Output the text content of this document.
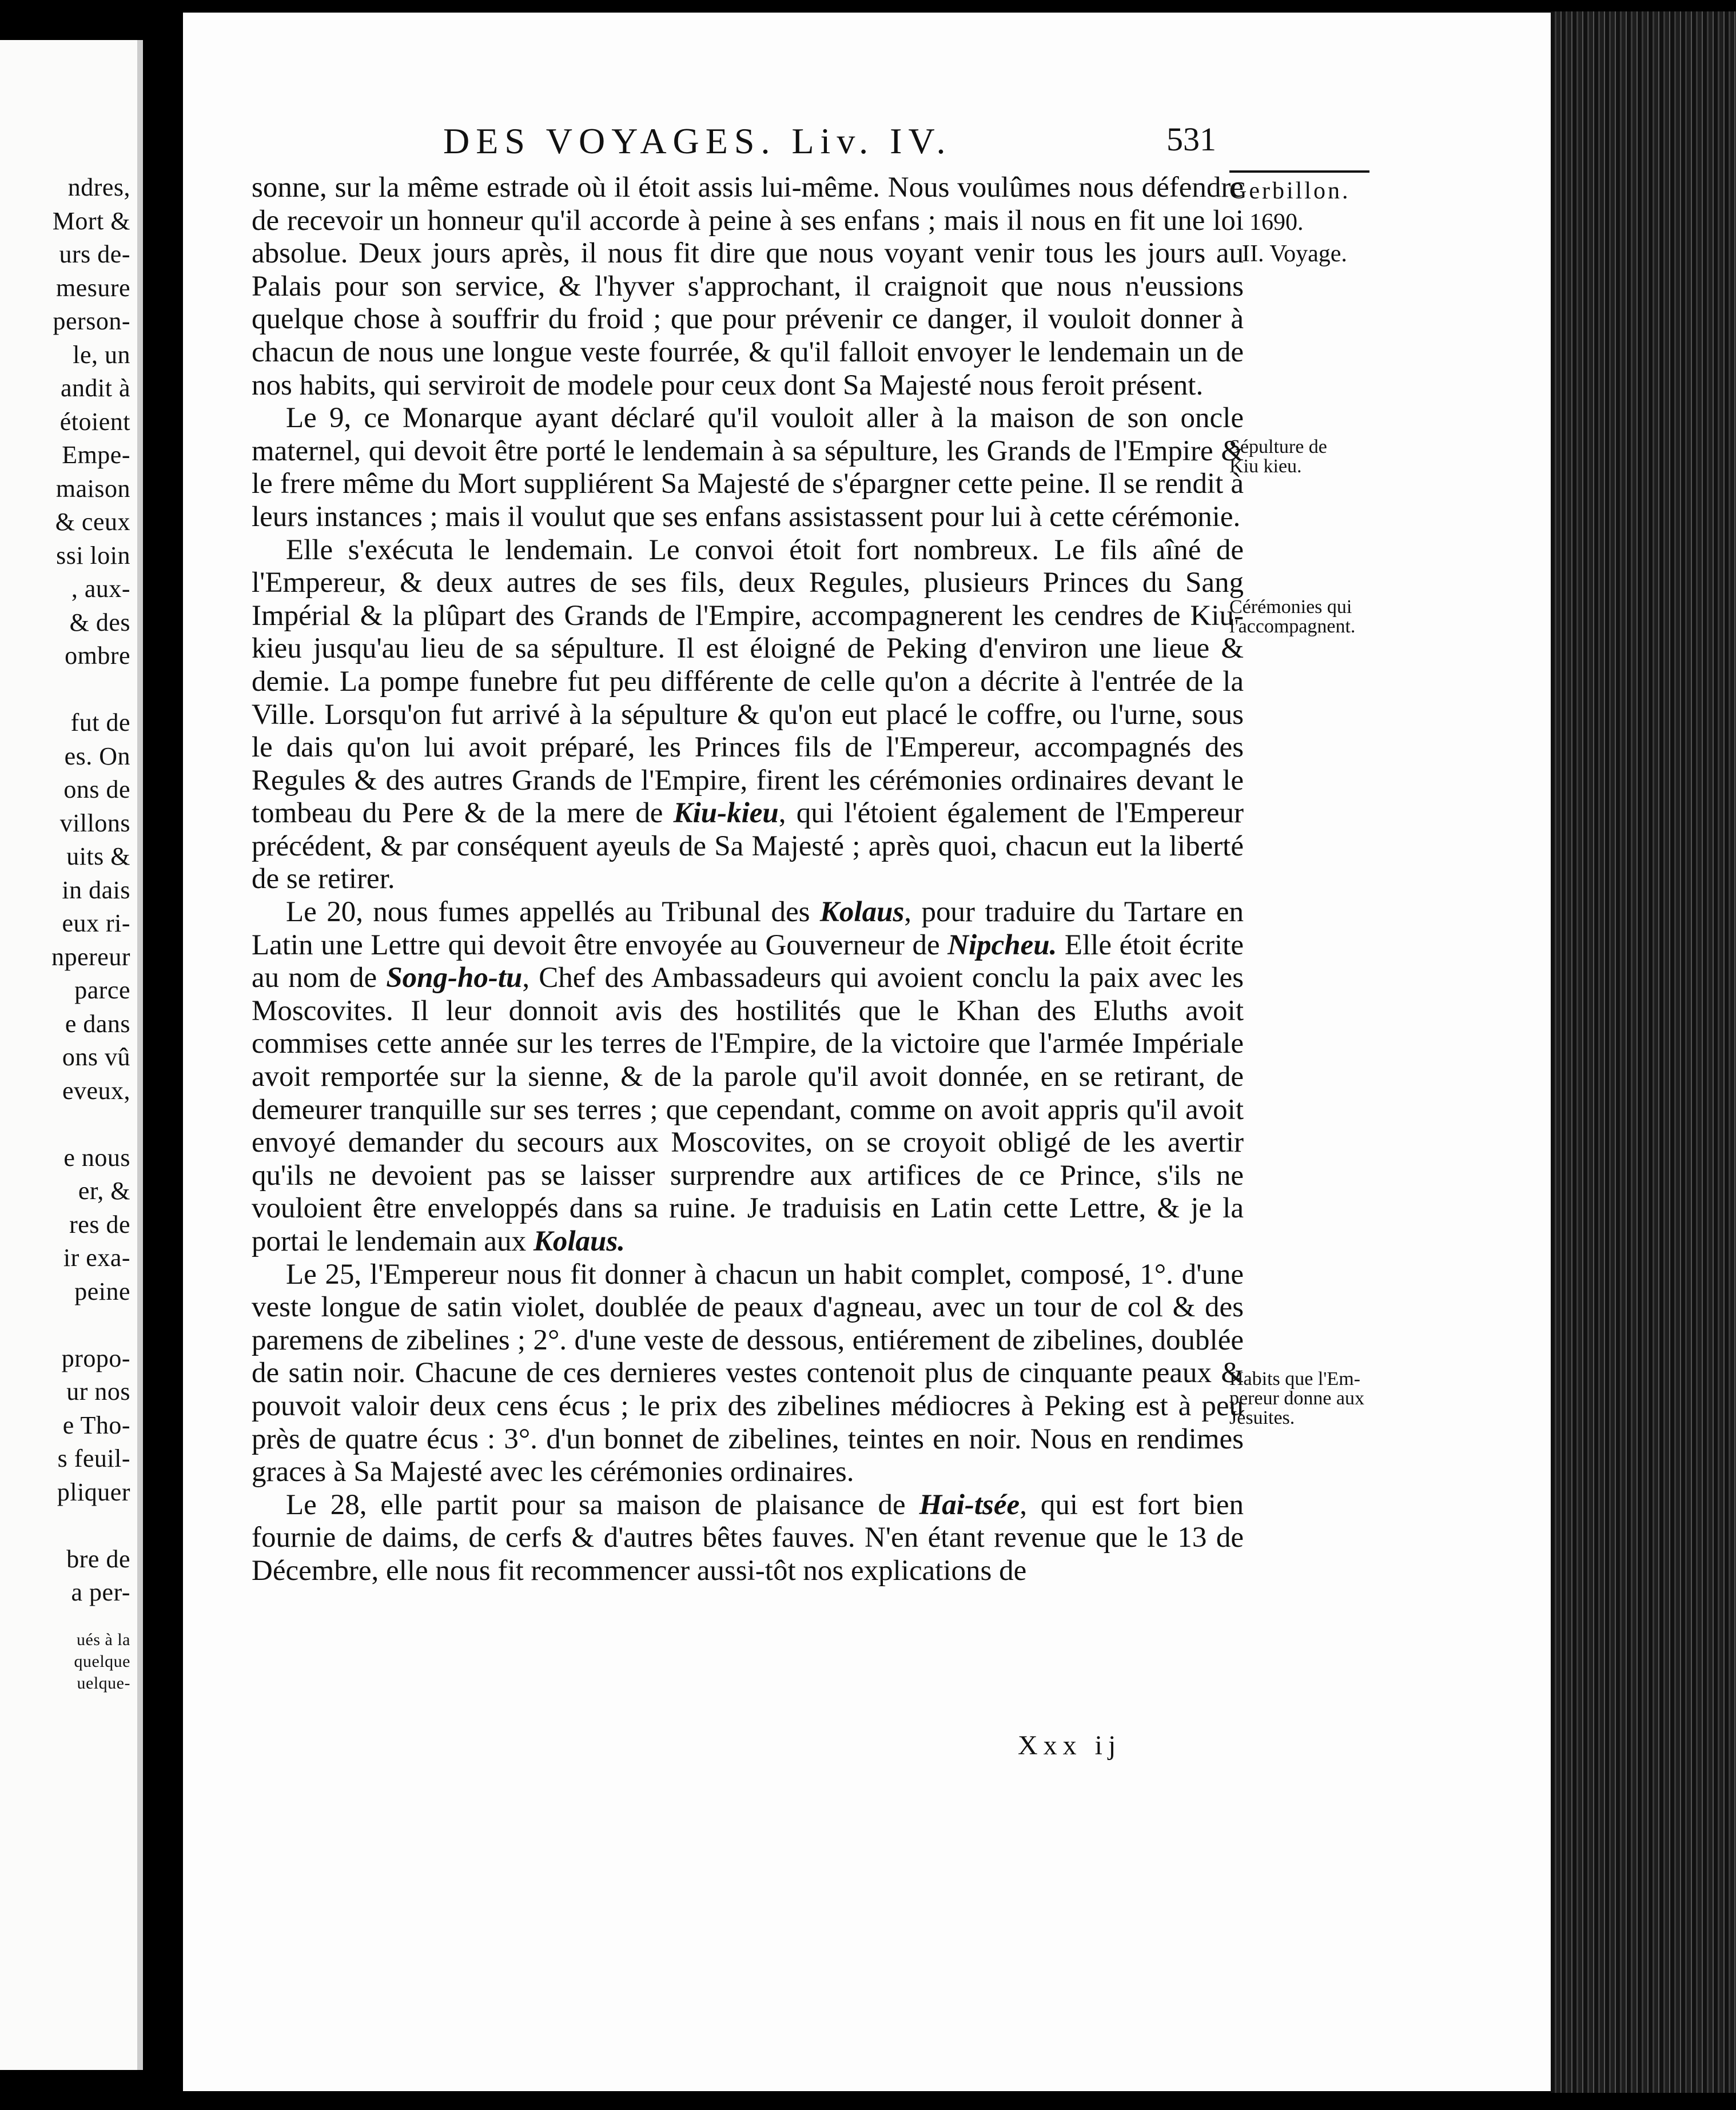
ndres,
Mort &
urs de-
mesure
person-
le, un
andit à
étoient
Empe-
maison
& ceux
ssi loin
, aux-
& des
ombre
fut de
es. On
ons de
villons
uits &
in dais
eux ri-
npereur
parce
e dans
ons vû
eveux,
e nous
er, &
res de
ir exa-
peine
propo-
ur nos
e Tho-
s feuil-
pliquer
bre de
a per-
ués à la
quelque
uelque-
DES VOYAGES. Liv. IV.	531
Gerbillon.
1690.
II. Voyage.
Sépulture de
Kiu kieu.
Cérémonies qui
l'accompagnent.
Habits que l'Em-
pereur donne aux
Jésuites.

sonne, sur la même estrade où il étoit assis lui-même. Nous voulûmes nous défendre de recevoir un honneur qu'il accorde à peine à ses enfans ; mais il nous en fit une loi absolue. Deux jours après, il nous fit dire que nous voyant venir tous les jours au Palais pour son service, & l'hyver s'approchant, il craignoit que nous n'eussions quelque chose à souffrir du froid ; que pour prévenir ce danger, il vouloit donner à chacun de nous une longue veste fourrée, & qu'il falloit envoyer le lendemain un de nos habits, qui serviroit de modele pour ceux dont Sa Majesté nous feroit présent.

Le 9, ce Monarque ayant déclaré qu'il vouloit aller à la maison de son oncle maternel, qui devoit être porté le lendemain à sa sépulture, les Grands de l'Empire & le frere même du Mort suppliérent Sa Majesté de s'épargner cette peine. Il se rendit à leurs instances ; mais il voulut que ses enfans assistassent pour lui à cette cérémonie.

Elle s'exécuta le lendemain. Le convoi étoit fort nombreux. Le fils aîné de l'Empereur, & deux autres de ses fils, deux Regules, plusieurs Princes du Sang Impérial & la plûpart des Grands de l'Empire, accompagnerent les cendres de Kiu-kieu jusqu'au lieu de sa sépulture. Il est éloigné de Peking d'environ une lieue & demie. La pompe funebre fut peu différente de celle qu'on a décrite à l'entrée de la Ville. Lorsqu'on fut arrivé à la sépulture & qu'on eut placé le coffre, ou l'urne, sous le dais qu'on lui avoit préparé, les Princes fils de l'Empereur, accompagnés des Regules & des autres Grands de l'Empire, firent les cérémonies ordinaires devant le tombeau du Pere & de la mere de Kiu-kieu, qui l'étoient également de l'Empereur précédent, & par conséquent ayeuls de Sa Majesté ; après quoi, chacun eut la liberté de se retirer.

Le 20, nous fumes appellés au Tribunal des Kolaus, pour traduire du Tartare en Latin une Lettre qui devoit être envoyée au Gouverneur de Nipcheu. Elle étoit écrite au nom de Song-ho-tu, Chef des Ambassadeurs qui avoient conclu la paix avec les Moscovites. Il leur donnoit avis des hostilités que le Khan des Eluths avoit commises cette année sur les terres de l'Empire, de la victoire que l'armée Impériale avoit remportée sur la sienne, & de la parole qu'il avoit donnée, en se retirant, de demeurer tranquille sur ses terres ; que cependant, comme on avoit appris qu'il avoit envoyé demander du secours aux Moscovites, on se croyoit obligé de les avertir qu'ils ne devoient pas se laisser surprendre aux artifices de ce Prince, s'ils ne vouloient être enveloppés dans sa ruine. Je traduisis en Latin cette Lettre, & je la portai le lendemain aux Kolaus.

Le 25, l'Empereur nous fit donner à chacun un habit complet, composé, 1°. d'une veste longue de satin violet, doublée de peaux d'agneau, avec un tour de col & des paremens de zibelines ; 2°. d'une veste de dessous, entiérement de zibelines, doublée de satin noir. Chacune de ces dernieres vestes contenoit plus de cinquante peaux & pouvoit valoir deux cens écus ; le prix des zibelines médiocres à Peking est à peu près de quatre écus : 3°. d'un bonnet de zibelines, teintes en noir. Nous en rendimes graces à Sa Majesté avec les cérémonies ordinaires.

Le 28, elle partit pour sa maison de plaisance de Hai-tsée, qui est fort bien fournie de daims, de cerfs & d'autres bêtes fauves. N'en étant revenue que le 13 de Décembre, elle nous fit recommencer aussi-tôt nos explications de

Xxx ij
